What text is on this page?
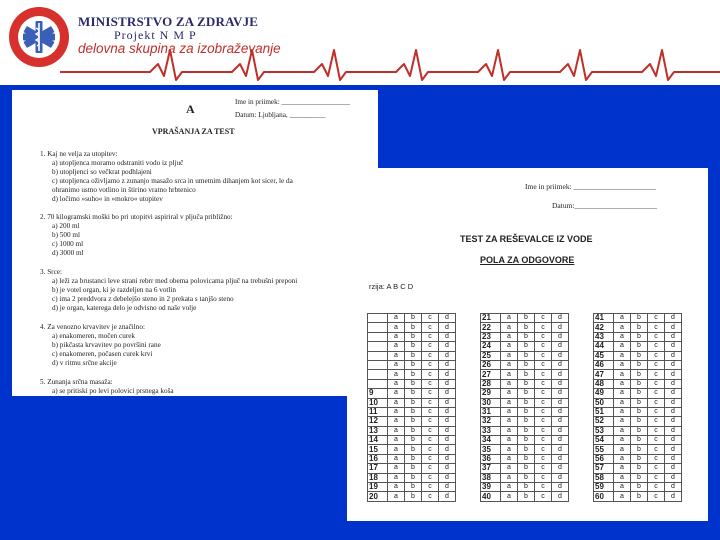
MINISTRSTVO ZA ZDRAVJE
Projekt N M P
delovna skupina za izobraževanje
Ime in priimek: ___________________
A	Datum: Ljubljana, __________
VPRAŠANJA ZA TEST
1. Kaj ne velja za utopitev:
a) utopljenca moramo odstraniti vodo iz pljuč
b) utopljenci so večkrat podhlajeni
c) utopljenca oživljamo z zunanjo masažo srca in umetnim dihanjem kot sicer, le da
ohranimo ustno votlino in štirino vratno hrbtenico
d) ločimo »suho« in »mokro« utopitev
2. 70 kilogramski moški bo pri utopitvi aspiriral v pljuča približno:
a) 200 ml
b) 500 ml
c) 1000 ml
d) 3000 ml
3. Srce:
a) leži za brustanci leve strani rebrr med obema polovicama pljuč na trebušni preponi
b) je votel organ, ki je razdeljen na 6 votlin
c) ima 2 preddvora z debelejšo steno in 2 prekata s tanjšo steno
d) je organ, katerega delo je odvisno od naše volje
4. Za venozno krvavitev je značilno:
a) enakomeren, močen curek
b) pikčasta krvavitev po površini rane
c) enakomeren, počasen curek krvi
d) v ritmu srčne akcije
5. Zunanja srčna masaža:
a) se pritiski po levi polovici prsnega koša
Ime in priimek: ______________________
Datum:______________________
TEST ZA REŠEVALCE IZ VODE
POLA ZA ODGOVORE
rzija: A B C D
	a	b	c	d
	a	b	c	d
	a	b	c	d
	a	b	c	d
	a	b	c	d
	a	b	c	d
	a	b	c	d
	a	b	c	d
9	a	b	c	d
10	a	b	c	d
11	a	b	c	d
12	a	b	c	d
13	a	b	c	d
14	a	b	c	d
15	a	b	c	d
16	a	b	c	d
17	a	b	c	d
18	a	b	c	d
19	a	b	c	d
20	a	b	c	d
21	a	b	c	d
22	a	b	c	d
23	a	b	c	d
24	a	b	c	d
25	a	b	c	d
26	a	b	c	d
27	a	b	c	d
28	a	b	c	d
29	a	b	c	d
30	a	b	c	d
31	a	b	c	d
32	a	b	c	d
33	a	b	c	d
34	a	b	c	d
35	a	b	c	d
36	a	b	c	d
37	a	b	c	d
38	a	b	c	d
39	a	b	c	d
40	a	b	c	d
41	a	b	c	d
42	a	b	c	d
43	a	b	c	d
44	a	b	c	d
45	a	b	c	d
46	a	b	c	d
47	a	b	c	d
48	a	b	c	d
49	a	b	c	d
50	a	b	c	d
51	a	b	c	d
52	a	b	c	d
53	a	b	c	d
54	a	b	c	d
55	a	b	c	d
56	a	b	c	d
57	a	b	c	d
58	a	b	c	d
59	a	b	c	d
60	a	b	c	d
